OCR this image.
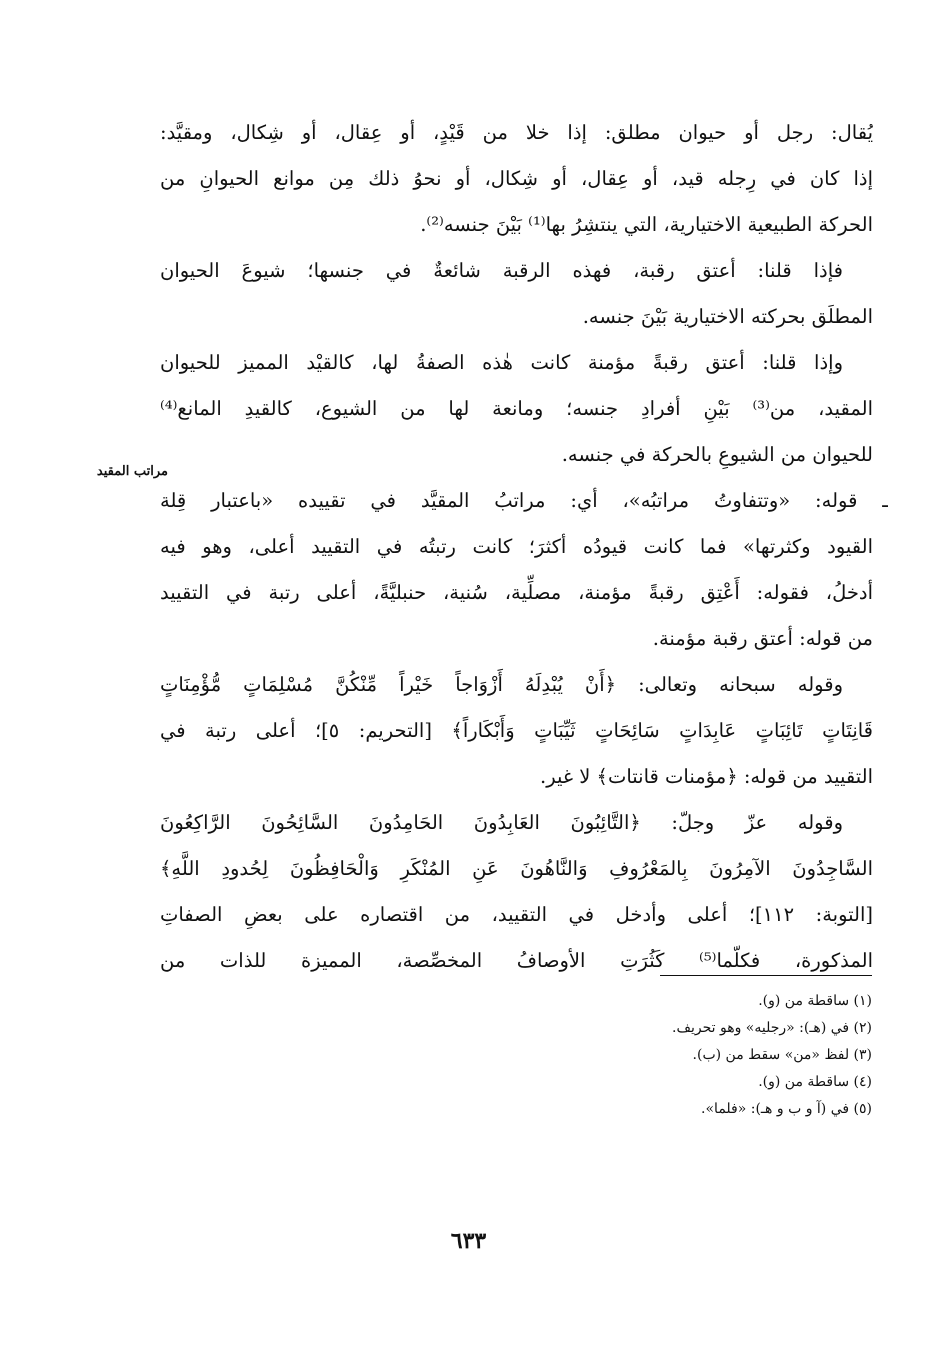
يُقال: رجل أو حيوان مطلق: إذا خلا من قَيْدٍ، أو عِقال، أو شِكال، ومقيَّد:
إذا كان في رِجله قيد، أو عِقال، أو شِكال، أو نحوُ ذلك مِن موانع الحيوانِ من
الحركة الطبيعية الاختيارية، التي ينتشِرُ بها⁽¹⁾ بَيْنَ جنسه⁽²⁾.
فإذا قلنا: أعتق رقبة، فهذه الرقبة شائعةٌ في جنسها؛ شيوعَ الحيوان
المطلَق بحركته الاختيارية بَيْنَ جنسه.
وإذا قلنا: أعتق رقبةً مؤمنة كانت هٰذه الصفةُ لها، كالقيْد المميز للحيوان
المقيد، من⁽³⁾ بَيْنِ أفرادِ جنسه؛ ومانعة لها من الشيوع، كالقيدِ المانع⁽⁴⁾
للحيوان من الشيوعِ بالحركة في جنسه.
ـ قوله: «وتتفاوتُ مراتبُه»، أي: مراتبُ المقيَّد في تقييده «باعتبار قِلة
القيود وكثرتها» فما كانت قيودُه أكثرَ؛ كانت رتبتُه في التقييد أعلى، وهو فيه
أدخلُ، فقوله: أَعْتِق رقبةً مؤمنة، مصلِّية، سُنية، حنبليَّةً، أعلى رتبة في التقييد
من قوله: أعتق رقبة مؤمنة.
وقوله سبحانه وتعالى: ﴿أَنْ يُبْدِلَهُ أَزْوَاجاً خَيْراً مِّنْكُنَّ مُسْلِمَاتٍ مُّؤْمِنَاتٍ
قَانِتَاتٍ تَائِبَاتٍ عَابِدَاتٍ سَائِحَاتٍ ثَيِّبَاتٍ وَأَبْكَاراً﴾ [التحريم: ٥]؛ أعلى رتبة في
التقييد من قوله: ﴿مؤمنات قانتات﴾ لا غير.
وقوله عزّ وجلّ: ﴿التَّائِبُونَ العَابِدُونَ الحَامِدُونَ السَّائِحُونَ الرَّاكِعُونَ
السَّاجِدُونَ الآمِرُونَ بِالمَعْرُوفِ وَالنَّاهُونَ عَنِ المُنْكَرِ وَالْحَافِظُونَ لِحُدودِ اللَّهِ﴾
[التوبة: ١١٢]؛ أعلى وأدخل في التقييد، من اقتصاره على بعضِ الصفاتِ
المذكورة، فكلّما⁽⁵⁾ كَثُرَتِ الأوصافُ المخصِّصة، المميزة للذات من
مراتب المقيد
(١) ساقطة من (و).
(٢) في (هـ): «رجليه» وهو تحريف.
(٣) لفظ «من» سقط من (ب).
(٤) ساقطة من (و).
(٥) في (آ و ب و هـ): «فلما».
٦٣٣
